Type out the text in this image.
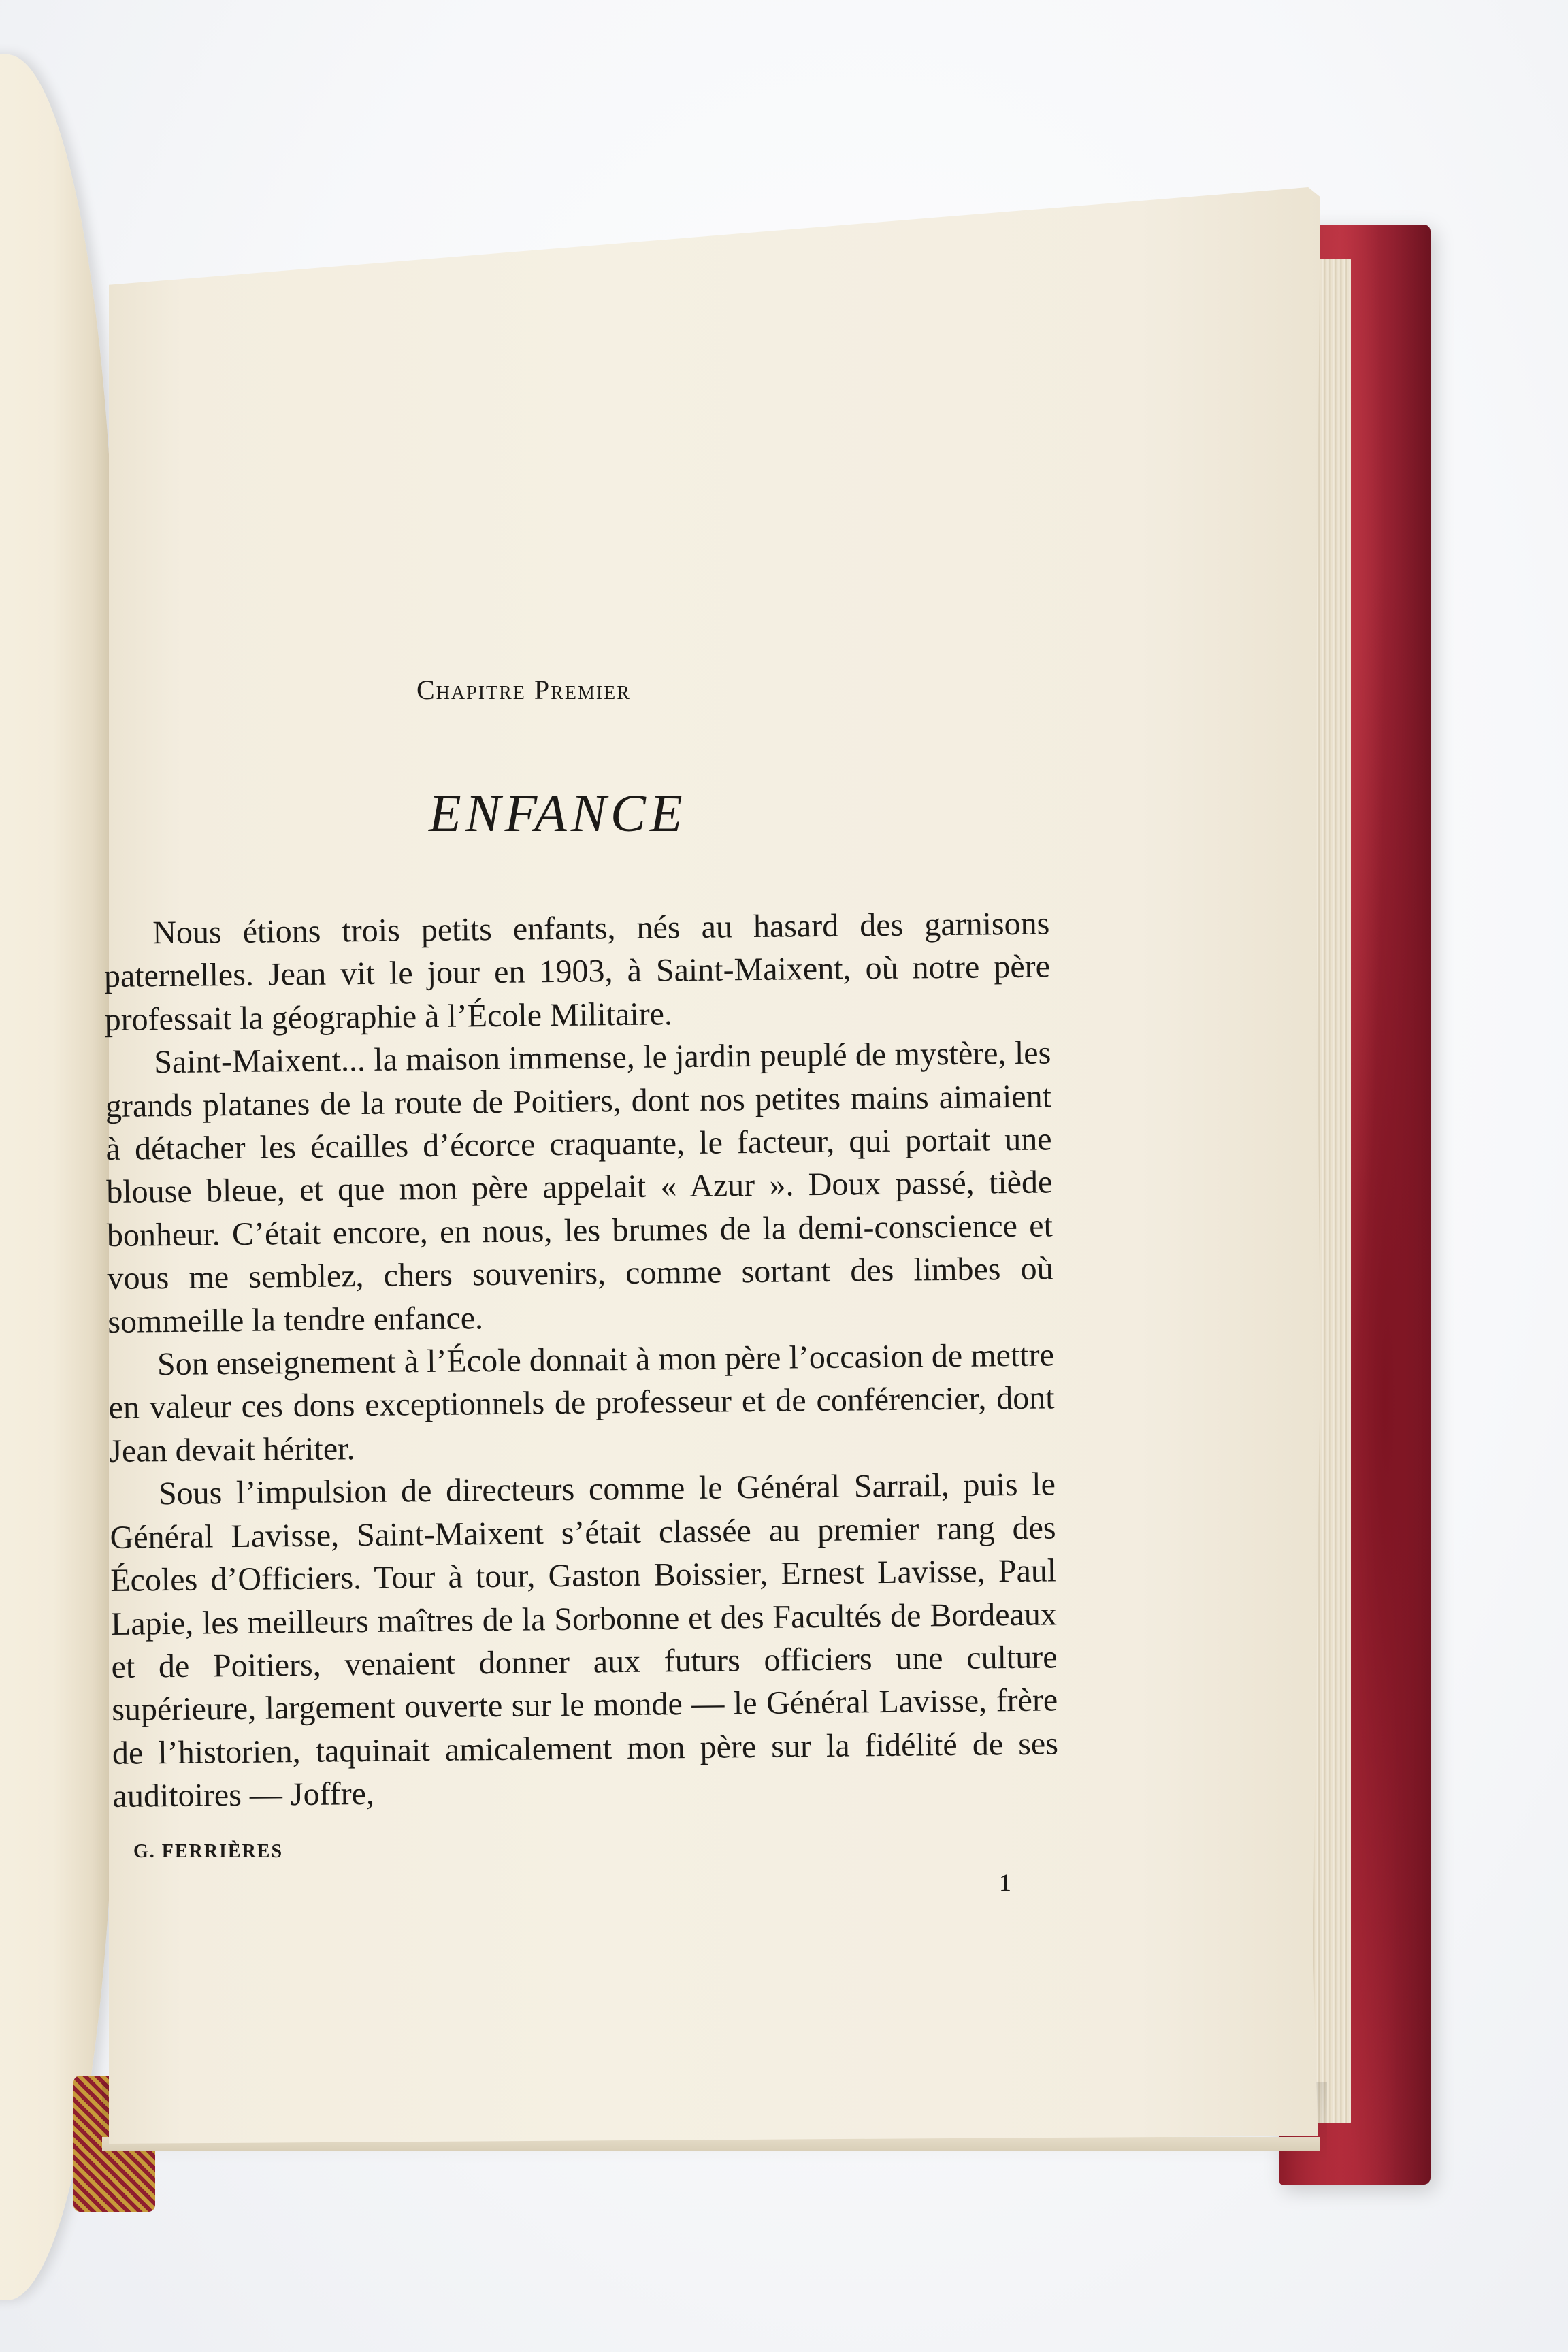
Chapitre Premier
ENFANCE

Nous étions trois petits enfants, nés au hasard des garnisons paternelles. Jean vit le jour en 1903, à Saint-Maixent, où notre père professait la géographie à l’École Militaire.

Saint-Maixent... la maison immense, le jardin peuplé de mystère, les grands platanes de la route de Poitiers, dont nos petites mains aimaient à détacher les écailles d’écorce craquante, le facteur, qui portait une blouse bleue, et que mon père appelait « Azur ». Doux passé, tiède bonheur. C’était encore, en nous, les brumes de la demi-conscience et vous me semblez, chers souvenirs, comme sortant des limbes où sommeille la tendre enfance.

Son enseignement à l’École donnait à mon père l’occasion de mettre en valeur ces dons exceptionnels de professeur et de conférencier, dont Jean devait hériter.

Sous l’impulsion de directeurs comme le Général Sarrail, puis le Général Lavisse, Saint-Maixent s’était classée au premier rang des Écoles d’Officiers. Tour à tour, Gaston Boissier, Ernest Lavisse, Paul Lapie, les meilleurs maîtres de la Sorbonne et des Facultés de Bordeaux et de Poitiers, venaient donner aux futurs officiers une culture supérieure, largement ouverte sur le monde — le Général Lavisse, frère de l’historien, taquinait amicalement mon père sur la fidélité de ses auditoires — Joffre,

G. FERRIÈRES
1
